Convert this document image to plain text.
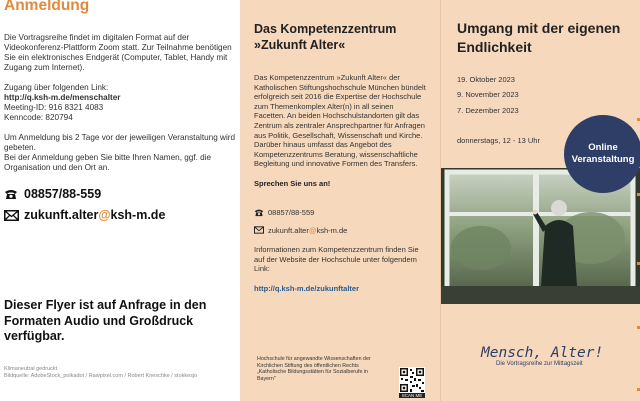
Anmeldung

Die Vortragsreihe findet im digitalen Format auf der Videokonferenz-Plattform Zoom statt. Zur Teilnahme benötigen Sie ein elektronisches Endgerät (Computer, Tablet, Handy mit Zugang zum Internet).

Zugang über folgenden Link:
http://q.ksh-m.de/menschalter
Meeting-ID: 916 8321 4083
Kenncode: 820794
Um Anmeldung bis 2 Tage vor der jeweiligen Veranstaltung wird gebeten.
Bei der Anmeldung geben Sie bitte Ihren Namen, ggf. die Organisation und den Ort an.
08857/88-559
zukunft.alter @ ksh-m.de
Dieser Flyer ist auf Anfrage in den Formaten Audio und Großdruck verfügbar.
Klimaneutral gedruckt.
Bildquelle: AdobeStock_polkadot / Rawpixel.com / Robert Kneschke / stokkesjo
Das Kompetenzzentrum
»Zukunft Alter«

Das Kompetenzzentrum »Zukunft Alter« der Katholischen Stiftungshochschule München bündelt erfolgreich seit 2016 die Expertise der Hochschule zum Themenkomplex Alter(n) in all seinen Facetten. An beiden Hochschulstandorten gilt das Zentrum als zentraler Ansprechpartner für Anfragen aus Politik, Gesellschaft, Wissenschaft und Kirche. Darüber hinaus umfasst das Angebot des Kompetenzzentrums Beratung, wissenschaftliche Begleitung und innovative Formen des Transfers.

Sprechen Sie uns an!

08857/88-559
zukunft.alter @ ksh-m.de

Informationen zum Kompetenzzentrum finden Sie auf der Website der Hochschule unter folgendem Link:

http://q.ksh-m.de/zukunftalter

Hochschule für angewandte Wissenschaften der Kirchlichen Stiftung des öffentlichen Rechts „Katholische Bildungsstätten für Sozialberufe in Bayern"
SCAN ME
Umgang mit der eigenen Endlichkeit
19. Oktober 2023
9. November 2023
7. Dezember 2023
donnerstags, 12 - 13 Uhr
Online
Veranstaltung
Mensch, Alter!
Die Vortragsreihe zur Mittagszeit
